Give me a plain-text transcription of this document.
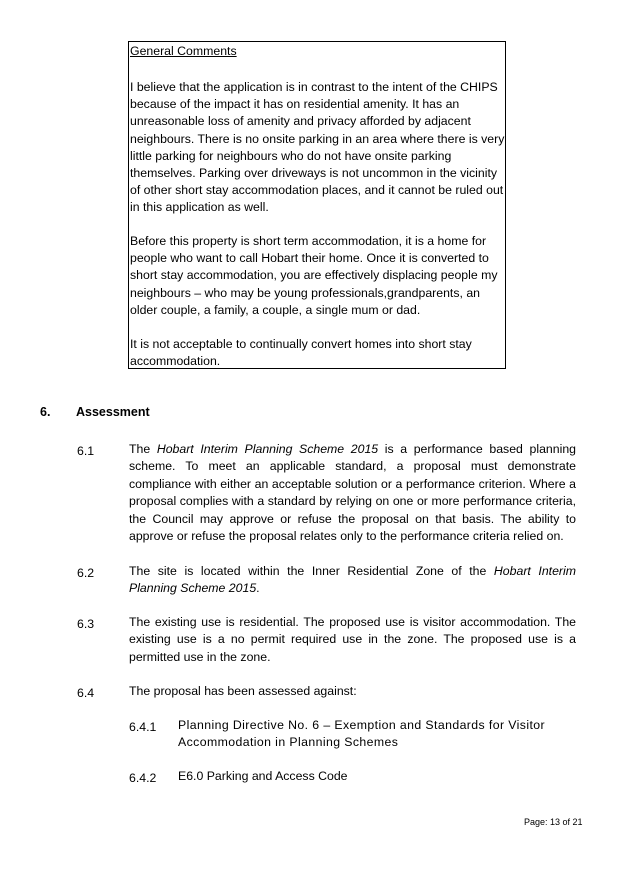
General Comments
I believe that the application is in contrast to the intent of the CHIPS because of the impact it has on residential amenity. It has an unreasonable loss of amenity and privacy afforded by adjacent neighbours. There is no onsite parking in an area where there is very little parking for neighbours who do not have onsite parking themselves. Parking over driveways is not uncommon in the vicinity of other short stay accommodation places, and it cannot be ruled out in this application as well.
Before this property is short term accommodation, it is a home for people who want to call Hobart their home. Once it is converted to short stay accommodation, you are effectively displacing people my neighbours – who may be young professionals,grandparents, an older couple, a family, a couple, a single mum or dad.
It is not acceptable to continually convert homes into short stay accommodation.
6. Assessment
6.1	The Hobart Interim Planning Scheme 2015 is a performance based planning scheme. To meet an applicable standard, a proposal must demonstrate compliance with either an acceptable solution or a performance criterion. Where a proposal complies with a standard by relying on one or more performance criteria, the Council may approve or refuse the proposal on that basis. The ability to approve or refuse the proposal relates only to the performance criteria relied on.
6.2	The site is located within the Inner Residential Zone of the Hobart Interim Planning Scheme 2015.
6.3	The existing use is residential. The proposed use is visitor accommodation. The existing use is a no permit required use in the zone. The proposed use is a permitted use in the zone.
6.4	The proposal has been assessed against:
6.4.1 Planning Directive No. 6 – Exemption and Standards for Visitor Accommodation in Planning Schemes
6.4.2 E6.0 Parking and Access Code
Page: 13 of 21
